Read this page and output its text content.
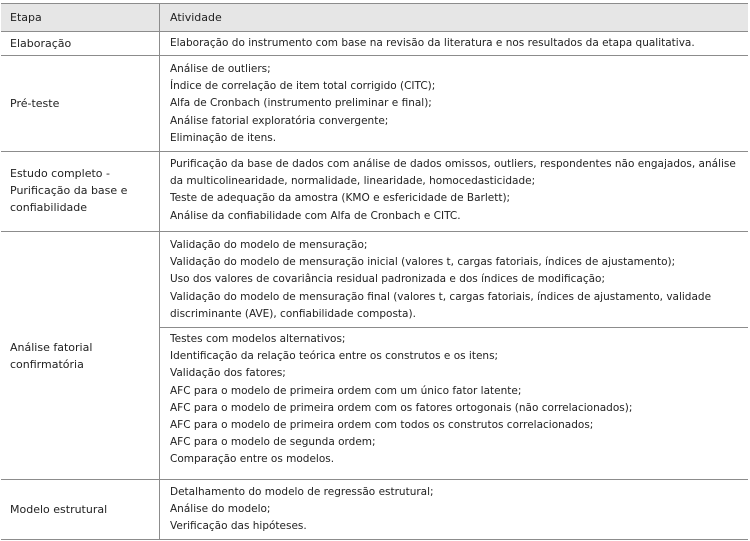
Etapa	Atividade
Elaboração	Elaboração do instrumento com base na revisão da literatura e nos resultados da etapa qualitativa.
Pré-teste
Análise de outliers;
Índice de correlação de item total corrigido (CITC);
Alfa de Cronbach (instrumento preliminar e final);
Análise fatorial exploratória convergente;
Eliminação de itens.
Estudo completo -
Purificação da base e
confiabilidade
Purificação da base de dados com análise de dados omissos, outliers, respondentes não engajados, análise
da multicolinearidade, normalidade, linearidade, homocedasticidade;
Teste de adequação da amostra (KMO e esfericidade de Barlett);
Análise da confiabilidade com Alfa de Cronbach e CITC.
Análise fatorial
confirmatória
Validação do modelo de mensuração;
Validação do modelo de mensuração inicial (valores t, cargas fatoriais, índices de ajustamento);
Uso dos valores de covariância residual padronizada e dos índices de modificação;
Validação do modelo de mensuração final (valores t, cargas fatoriais, índices de ajustamento, validade
discriminante (AVE), confiabilidade composta).
Testes com modelos alternativos;
Identificação da relação teórica entre os construtos e os itens;
Validação dos fatores;
AFC para o modelo de primeira ordem com um único fator latente;
AFC para o modelo de primeira ordem com os fatores ortogonais (não correlacionados);
AFC para o modelo de primeira ordem com todos os construtos correlacionados;
AFC para o modelo de segunda ordem;
Comparação entre os modelos.
Modelo estrutural
Detalhamento do modelo de regressão estrutural;
Análise do modelo;
Verificação das hipóteses.
